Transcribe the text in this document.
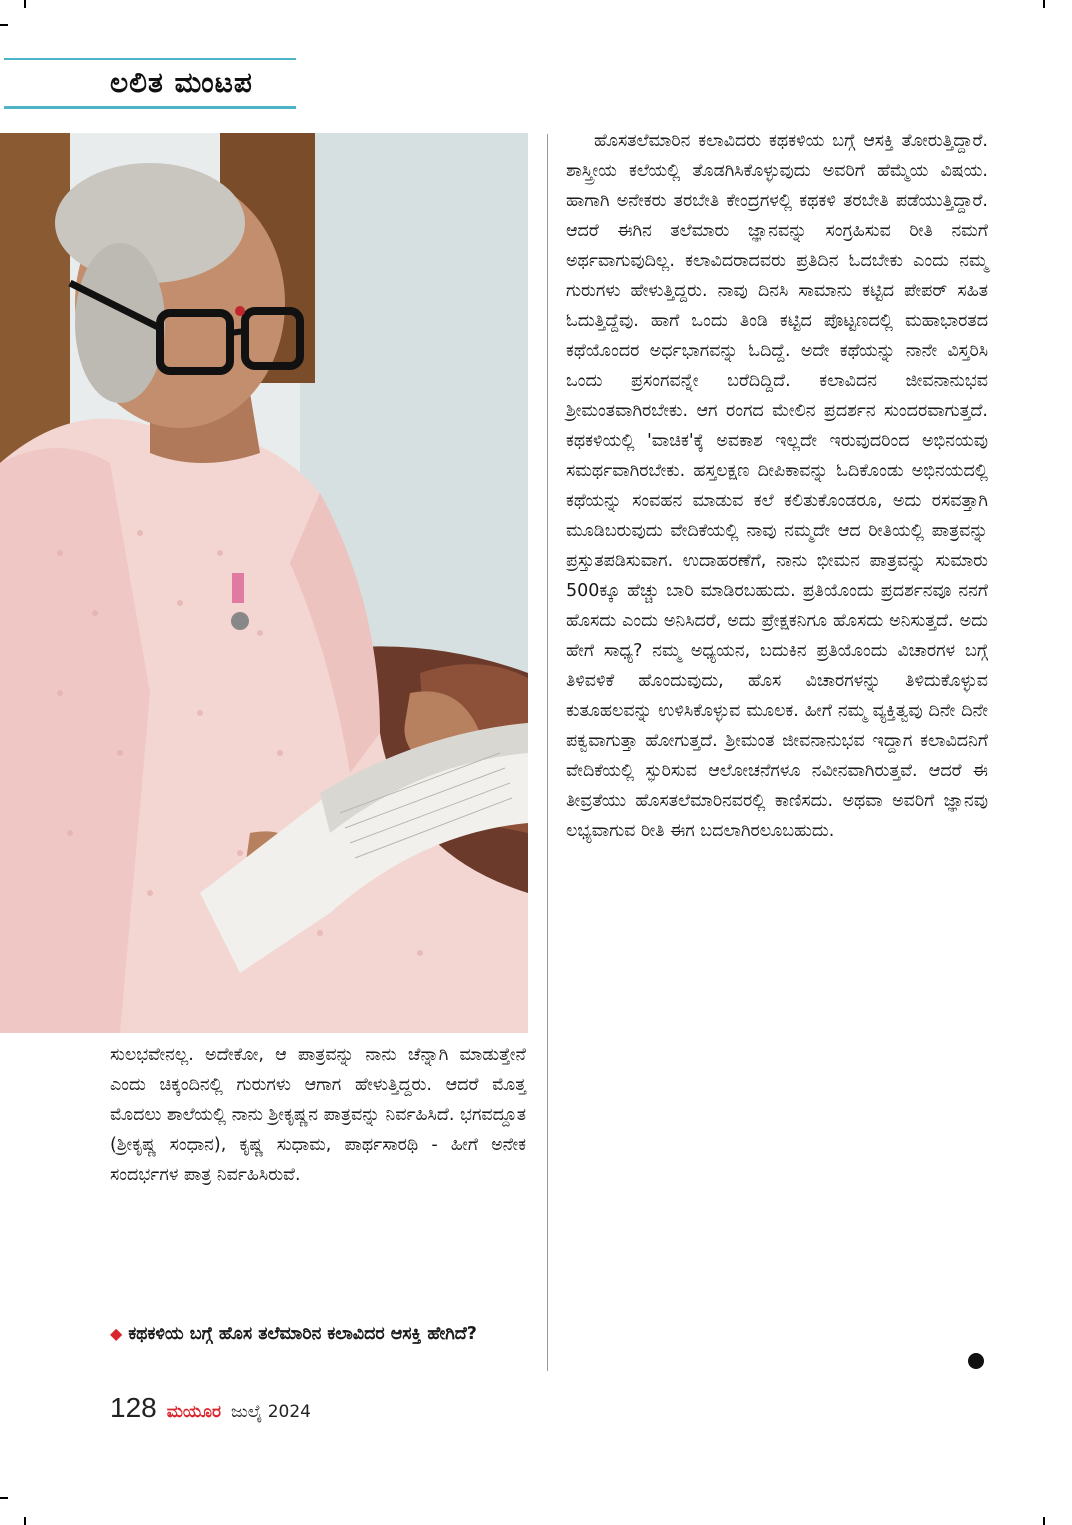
ಲಲಿತ ಮಂಟಪ

ಸುಲಭವೇನಲ್ಲ. ಅದೇಕೋ, ಆ ಪಾತ್ರವನ್ನು ನಾನು ಚೆನ್ನಾಗಿ ಮಾಡುತ್ತೇನೆ ಎಂದು ಚಿಕ್ಕಂದಿನಲ್ಲಿ ಗುರುಗಳು ಆಗಾಗ ಹೇಳುತ್ತಿದ್ದರು. ಆದರೆ ಮೊತ್ತ ಮೊದಲು ಶಾಲೆಯಲ್ಲಿ ನಾನು ಶ್ರೀಕೃಷ್ಣನ ಪಾತ್ರವನ್ನು ನಿರ್ವಹಿಸಿದೆ. ಭಗವದ್ದೂತ (ಶ್ರೀಕೃಷ್ಣ ಸಂಧಾನ), ಕೃಷ್ಣ ಸುಧಾಮ, ಪಾರ್ಥಸಾರಥಿ - ಹೀಗೆ ಅನೇಕ ಸಂದರ್ಭಗಳ ಪಾತ್ರ ನಿರ್ವಹಿಸಿರುವೆ.

◆ ಕಥಕಳಿಯ ಬಗ್ಗೆ ಹೊಸ ತಲೆಮಾರಿನ ಕಲಾವಿದರ ಆಸಕ್ತಿ ಹೇಗಿದೆ?

ಹೊಸತಲೆಮಾರಿನ ಕಲಾವಿದರು ಕಥಕಳಿಯ ಬಗ್ಗೆ ಆಸಕ್ತಿ ತೋರುತ್ತಿದ್ದಾರೆ. ಶಾಸ್ತ್ರೀಯ ಕಲೆಯಲ್ಲಿ ತೊಡಗಿಸಿಕೊಳ್ಳುವುದು ಅವರಿಗೆ ಹೆಮ್ಮೆಯ ವಿಷಯ. ಹಾಗಾಗಿ ಅನೇಕರು ತರಬೇತಿ ಕೇಂದ್ರಗಳಲ್ಲಿ ಕಥಕಳಿ ತರಬೇತಿ ಪಡೆಯುತ್ತಿದ್ದಾರೆ. ಆದರೆ ಈಗಿನ ತಲೆಮಾರು ಜ್ಞಾನವನ್ನು ಸಂಗ್ರಹಿಸುವ ರೀತಿ ನಮಗೆ ಅರ್ಥವಾಗುವುದಿಲ್ಲ. ಕಲಾವಿದರಾದವರು ಪ್ರತಿದಿನ ಓದಬೇಕು ಎಂದು ನಮ್ಮ ಗುರುಗಳು ಹೇಳುತ್ತಿದ್ದರು. ನಾವು ದಿನಸಿ ಸಾಮಾನು ಕಟ್ಟಿದ ಪೇಪರ್ ಸಹಿತ ಓದುತ್ತಿದ್ದೆವು. ಹಾಗೆ ಒಂದು ತಿಂಡಿ ಕಟ್ಟಿದ ಪೊಟ್ಟಣದಲ್ಲಿ ಮಹಾಭಾರತದ ಕಥೆಯೊಂದರ ಅರ್ಧಭಾಗವನ್ನು ಓದಿದ್ದೆ. ಅದೇ ಕಥೆಯನ್ನು ನಾನೇ ವಿಸ್ತರಿಸಿ ಒಂದು ಪ್ರಸಂಗವನ್ನೇ ಬರೆದಿದ್ದಿದೆ. ಕಲಾವಿದನ ಜೀವನಾನುಭವ ಶ್ರೀಮಂತವಾಗಿರಬೇಕು. ಆಗ ರಂಗದ ಮೇಲಿನ ಪ್ರದರ್ಶನ ಸುಂದರವಾಗುತ್ತದೆ. ಕಥಕಳಿಯಲ್ಲಿ 'ವಾಚಿಕ'ಕ್ಕೆ ಅವಕಾಶ ಇಲ್ಲದೇ ಇರುವುದರಿಂದ ಅಭಿನಯವು ಸಮರ್ಥವಾಗಿರಬೇಕು. ಹಸ್ತಲಕ್ಷಣ ದೀಪಿಕಾವನ್ನು ಓದಿಕೊಂಡು ಅಭಿನಯದಲ್ಲಿ ಕಥೆಯನ್ನು ಸಂವಹನ ಮಾಡುವ ಕಲೆ ಕಲಿತುಕೊಂಡರೂ, ಅದು ರಸವತ್ತಾಗಿ ಮೂಡಿಬರುವುದು ವೇದಿಕೆಯಲ್ಲಿ ನಾವು ನಮ್ಮದೇ ಆದ ರೀತಿಯಲ್ಲಿ ಪಾತ್ರವನ್ನು ಪ್ರಸ್ತುತಪಡಿಸುವಾಗ. ಉದಾಹರಣೆಗೆ, ನಾನು ಭೀಮನ ಪಾತ್ರವನ್ನು ಸುಮಾರು 500ಕ್ಕೂ ಹೆಚ್ಚು ಬಾರಿ ಮಾಡಿರಬಹುದು. ಪ್ರತಿಯೊಂದು ಪ್ರದರ್ಶನವೂ ನನಗೆ ಹೊಸದು ಎಂದು ಅನಿಸಿದರೆ, ಅದು ಪ್ರೇಕ್ಷಕನಿಗೂ ಹೊಸದು ಅನಿಸುತ್ತದೆ. ಅದು ಹೇಗೆ ಸಾಧ್ಯ? ನಮ್ಮ ಅಧ್ಯಯನ, ಬದುಕಿನ ಪ್ರತಿಯೊಂದು ವಿಚಾರಗಳ ಬಗ್ಗೆ ತಿಳಿವಳಿಕೆ ಹೊಂದುವುದು, ಹೊಸ ವಿಚಾರಗಳನ್ನು ತಿಳಿದುಕೊಳ್ಳುವ ಕುತೂಹಲವನ್ನು ಉಳಿಸಿಕೊಳ್ಳುವ ಮೂಲಕ. ಹೀಗೆ ನಮ್ಮ ವ್ಯಕ್ತಿತ್ವವು ದಿನೇ ದಿನೇ ಪಕ್ವವಾಗುತ್ತಾ ಹೋಗುತ್ತದೆ. ಶ್ರೀಮಂತ ಜೀವನಾನುಭವ ಇದ್ದಾಗ ಕಲಾವಿದನಿಗೆ ವೇದಿಕೆಯಲ್ಲಿ ಸ್ಫುರಿಸುವ ಆಲೋಚನೆಗಳೂ ನವೀನವಾಗಿರುತ್ತವೆ. ಆದರೆ ಈ ತೀವ್ರತೆಯು ಹೊಸತಲೆಮಾರಿನವರಲ್ಲಿ ಕಾಣಿಸದು. ಅಥವಾ ಅವರಿಗೆ ಜ್ಞಾನವು ಲಭ್ಯವಾಗುವ ರೀತಿ ಈಗ ಬದಲಾಗಿರಲೂಬಹುದು.

128 ಮಯೂರ ಜುಲೈ 2024
